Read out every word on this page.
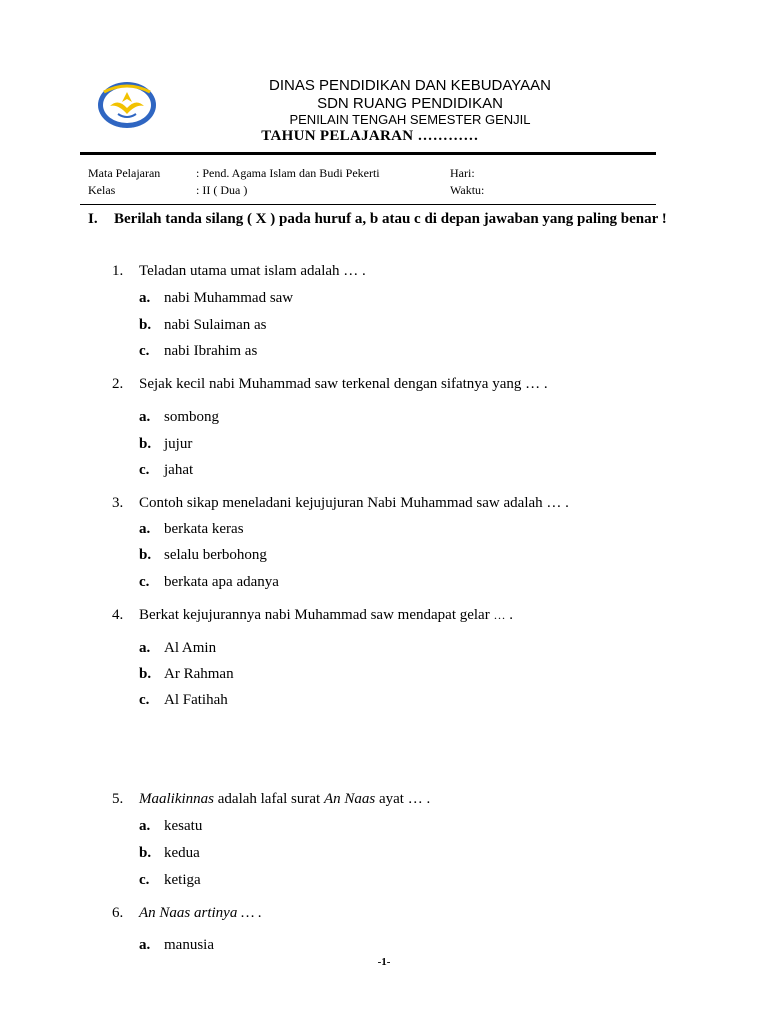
DINAS PENDIDIKAN DAN KEBUDAYAAN
SDN RUANG PENDIDIKAN
PENILAIN TENGAH SEMESTER GENJIL
TAHUN PELAJARAN …………
Mata Pelajaran	: Pend. Agama Islam dan Budi Pekerti	Hari:
Kelas	: II ( Dua )	Waktu:
I. Berilah tanda silang ( X ) pada huruf a, b atau c di depan jawaban yang paling benar !
1. Teladan utama umat islam adalah … .
a. nabi Muhammad saw
b. nabi Sulaiman as
c. nabi Ibrahim as
2. Sejak kecil nabi Muhammad saw terkenal dengan sifatnya yang … .
a. sombong
b. jujur
c. jahat
3. Contoh sikap meneladani kejujujuran Nabi Muhammad saw adalah … .
a. berkata keras
b. selalu berbohong
c. berkata apa adanya
4. Berkat kejujurannya nabi Muhammad saw mendapat gelar … .
a. Al Amin
b. Ar Rahman
c. Al Fatihah
5. Maalikinnas adalah lafal surat An Naas ayat … .
a. kesatu
b. kedua
c. ketiga
6. An Naas artinya … .
a. manusia
-1-
